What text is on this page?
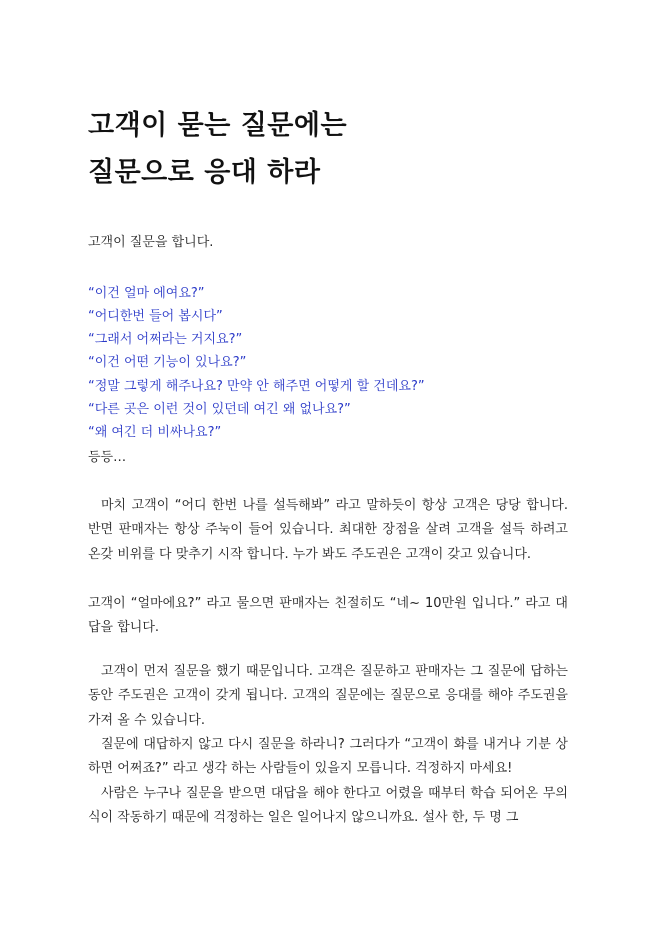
고객이 묻는 질문에는
질문으로 응대 하라
고객이 질문을 합니다.
“이건 얼마 에여요?”
“어디한번 들어 봅시다”
“그래서 어쩌라는 거지요?”
“이건 어떤 기능이 있나요?”
“정말 그렇게 해주나요? 만약 안 해주면 어떻게 할 건데요?”
“다른 곳은 이런 것이 있던데 여긴 왜 없나요?”
“왜 여긴 더 비싸나요?”
등등…
마치 고객이 “어디 한번 나를 설득해봐” 라고 말하듯이 항상 고객은 당당 합니다. 반면 판매자는 항상 주눅이 들어 있습니다. 최대한 장점을 살려 고객을 설득 하려고 온갖 비위를 다 맞추기 시작 합니다. 누가 봐도 주도권은 고객이 갖고 있습니다.
고객이 “얼마에요?” 라고 물으면 판매자는 친절히도 “네~ 10만원 입니다.” 라고 대답을 합니다.
고객이 먼저 질문을 했기 때문입니다. 고객은 질문하고 판매자는 그 질문에 답하는 동안 주도권은 고객이 갖게 됩니다. 고객의 질문에는 질문으로 응대를 해야 주도권을 가져 올 수 있습니다.
질문에 대답하지 않고 다시 질문을 하라니? 그러다가 “고객이 화를 내거나 기분 상하면 어쩌죠?” 라고 생각 하는 사람들이 있을지 모릅니다. 걱정하지 마세요!
사람은 누구나 질문을 받으면 대답을 해야 한다고 어렸을 때부터 학습 되어온 무의식이 작동하기 때문에 걱정하는 일은 일어나지 않으니까요. 설사 한, 두 명 그
